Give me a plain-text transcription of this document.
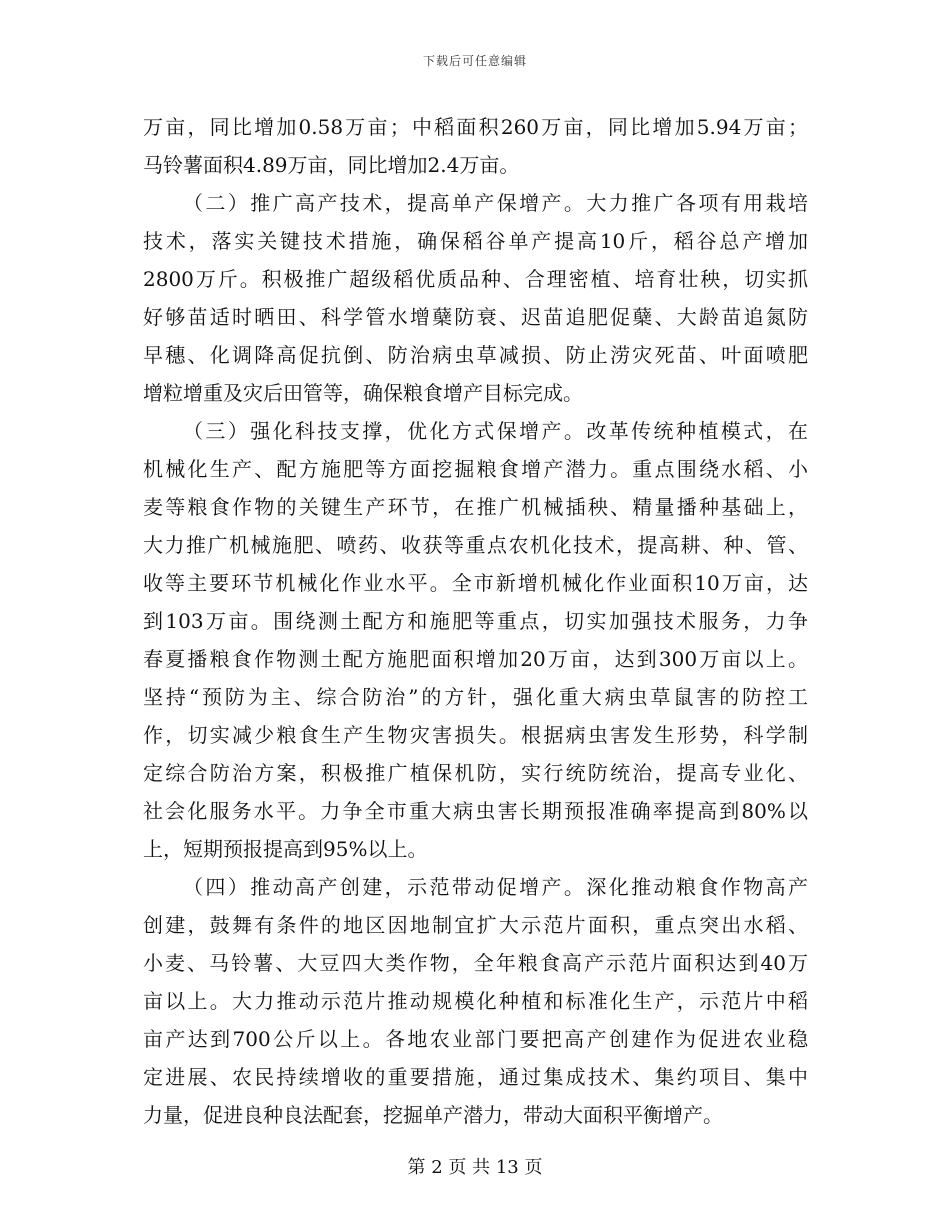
下载后可任意编辑
万亩，同比增加0.58万亩；中稻面积260万亩，同比增加5.94万亩；
马铃薯面积4.89万亩，同比增加2.4万亩。
（二）推广高产技术，提高单产保增产。大力推广各项有用栽培
技术，落实关键技术措施，确保稻谷单产提高10斤，稻谷总产增加
2800万斤。积极推广超级稻优质品种、合理密植、培育壮秧，切实抓
好够苗适时晒田、科学管水增蘖防衰、迟苗追肥促蘖、大龄苗追氮防
早穗、化调降高促抗倒、防治病虫草减损、防止涝灾死苗、叶面喷肥
增粒增重及灾后田管等，确保粮食增产目标完成。
（三）强化科技支撑，优化方式保增产。改革传统种植模式，在
机械化生产、配方施肥等方面挖掘粮食增产潜力。重点围绕水稻、小
麦等粮食作物的关键生产环节，在推广机械插秧、精量播种基础上，
大力推广机械施肥、喷药、收获等重点农机化技术，提高耕、种、管、
收等主要环节机械化作业水平。全市新增机械化作业面积10万亩，达
到103万亩。围绕测土配方和施肥等重点，切实加强技术服务，力争
春夏播粮食作物测土配方施肥面积增加20万亩，达到300万亩以上。
坚持“预防为主、综合防治”的方针，强化重大病虫草鼠害的防控工
作，切实减少粮食生产生物灾害损失。根据病虫害发生形势，科学制
定综合防治方案，积极推广植保机防，实行统防统治，提高专业化、
社会化服务水平。力争全市重大病虫害长期预报准确率提高到80%以
上，短期预报提高到95%以上。
（四）推动高产创建，示范带动促增产。深化推动粮食作物高产
创建，鼓舞有条件的地区因地制宜扩大示范片面积，重点突出水稻、
小麦、马铃薯、大豆四大类作物，全年粮食高产示范片面积达到40万
亩以上。大力推动示范片推动规模化种植和标准化生产，示范片中稻
亩产达到700公斤以上。各地农业部门要把高产创建作为促进农业稳
定进展、农民持续增收的重要措施，通过集成技术、集约项目、集中
力量，促进良种良法配套，挖掘单产潜力，带动大面积平衡增产。
第 2 页 共 13 页
